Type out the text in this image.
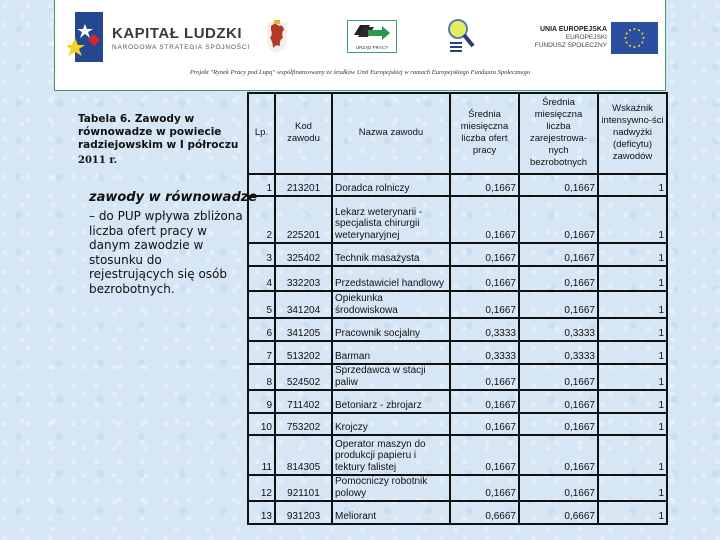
KAPITAŁ LUDZKI
NARODOWA STRATEGIA SPÓJNOŚCI	URZĄD PRACY
UNIA EUROPEJSKA
EUROPEJSKI
FUNDUSZ SPOŁECZNY
Projekt "Rynek Pracy pod Lupą" współfinansowany ze środków Unii Europejskiej w ramach Europejskiego Funduszu Społecznego
Tabela 6. Zawody w równowadze w powiecie radziejowskim w I półroczu
2011 r.
zawody w równowadze
– do PUP wpływa zbliżona liczba ofert pracy w danym zawodzie w stosunku do rejestrujących się osób bezrobotnych.
Lp.	Kod zawodu	Nazwa zawodu	Średnia miesięczna liczba ofert pracy	Średnia miesięczna liczba zarejestrowa-nych bezrobotnych	Wskaźnik intensywno-ści nadwyżki (deficytu) zawodów
1	213201	Doradca rolniczy	0,1667	0,1667	1
2	225201	Lekarz weterynarii - specjalista chirurgii weterynaryjnej	0,1667	0,1667	1
3	325402	Technik masażysta	0,1667	0,1667	1
4	332203	Przedstawiciel handlowy	0,1667	0,1667	1
5	341204	Opiekunka środowiskowa	0,1667	0,1667	1
6	341205	Pracownik socjalny	0,3333	0,3333	1
7	513202	Barman	0,3333	0,3333	1
8	524502	Sprzedawca w stacji paliw	0,1667	0,1667	1
9	711402	Betoniarz - zbrojarz	0,1667	0,1667	1
10	753202	Krojczy	0,1667	0,1667	1
11	814305	Operator maszyn do produkcji papieru i tektury falistej	0,1667	0,1667	1
12	921101	Pomocniczy robotnik polowy	0,1667	0,1667	1
13	931203	Meliorant	0,6667	0,6667	1
